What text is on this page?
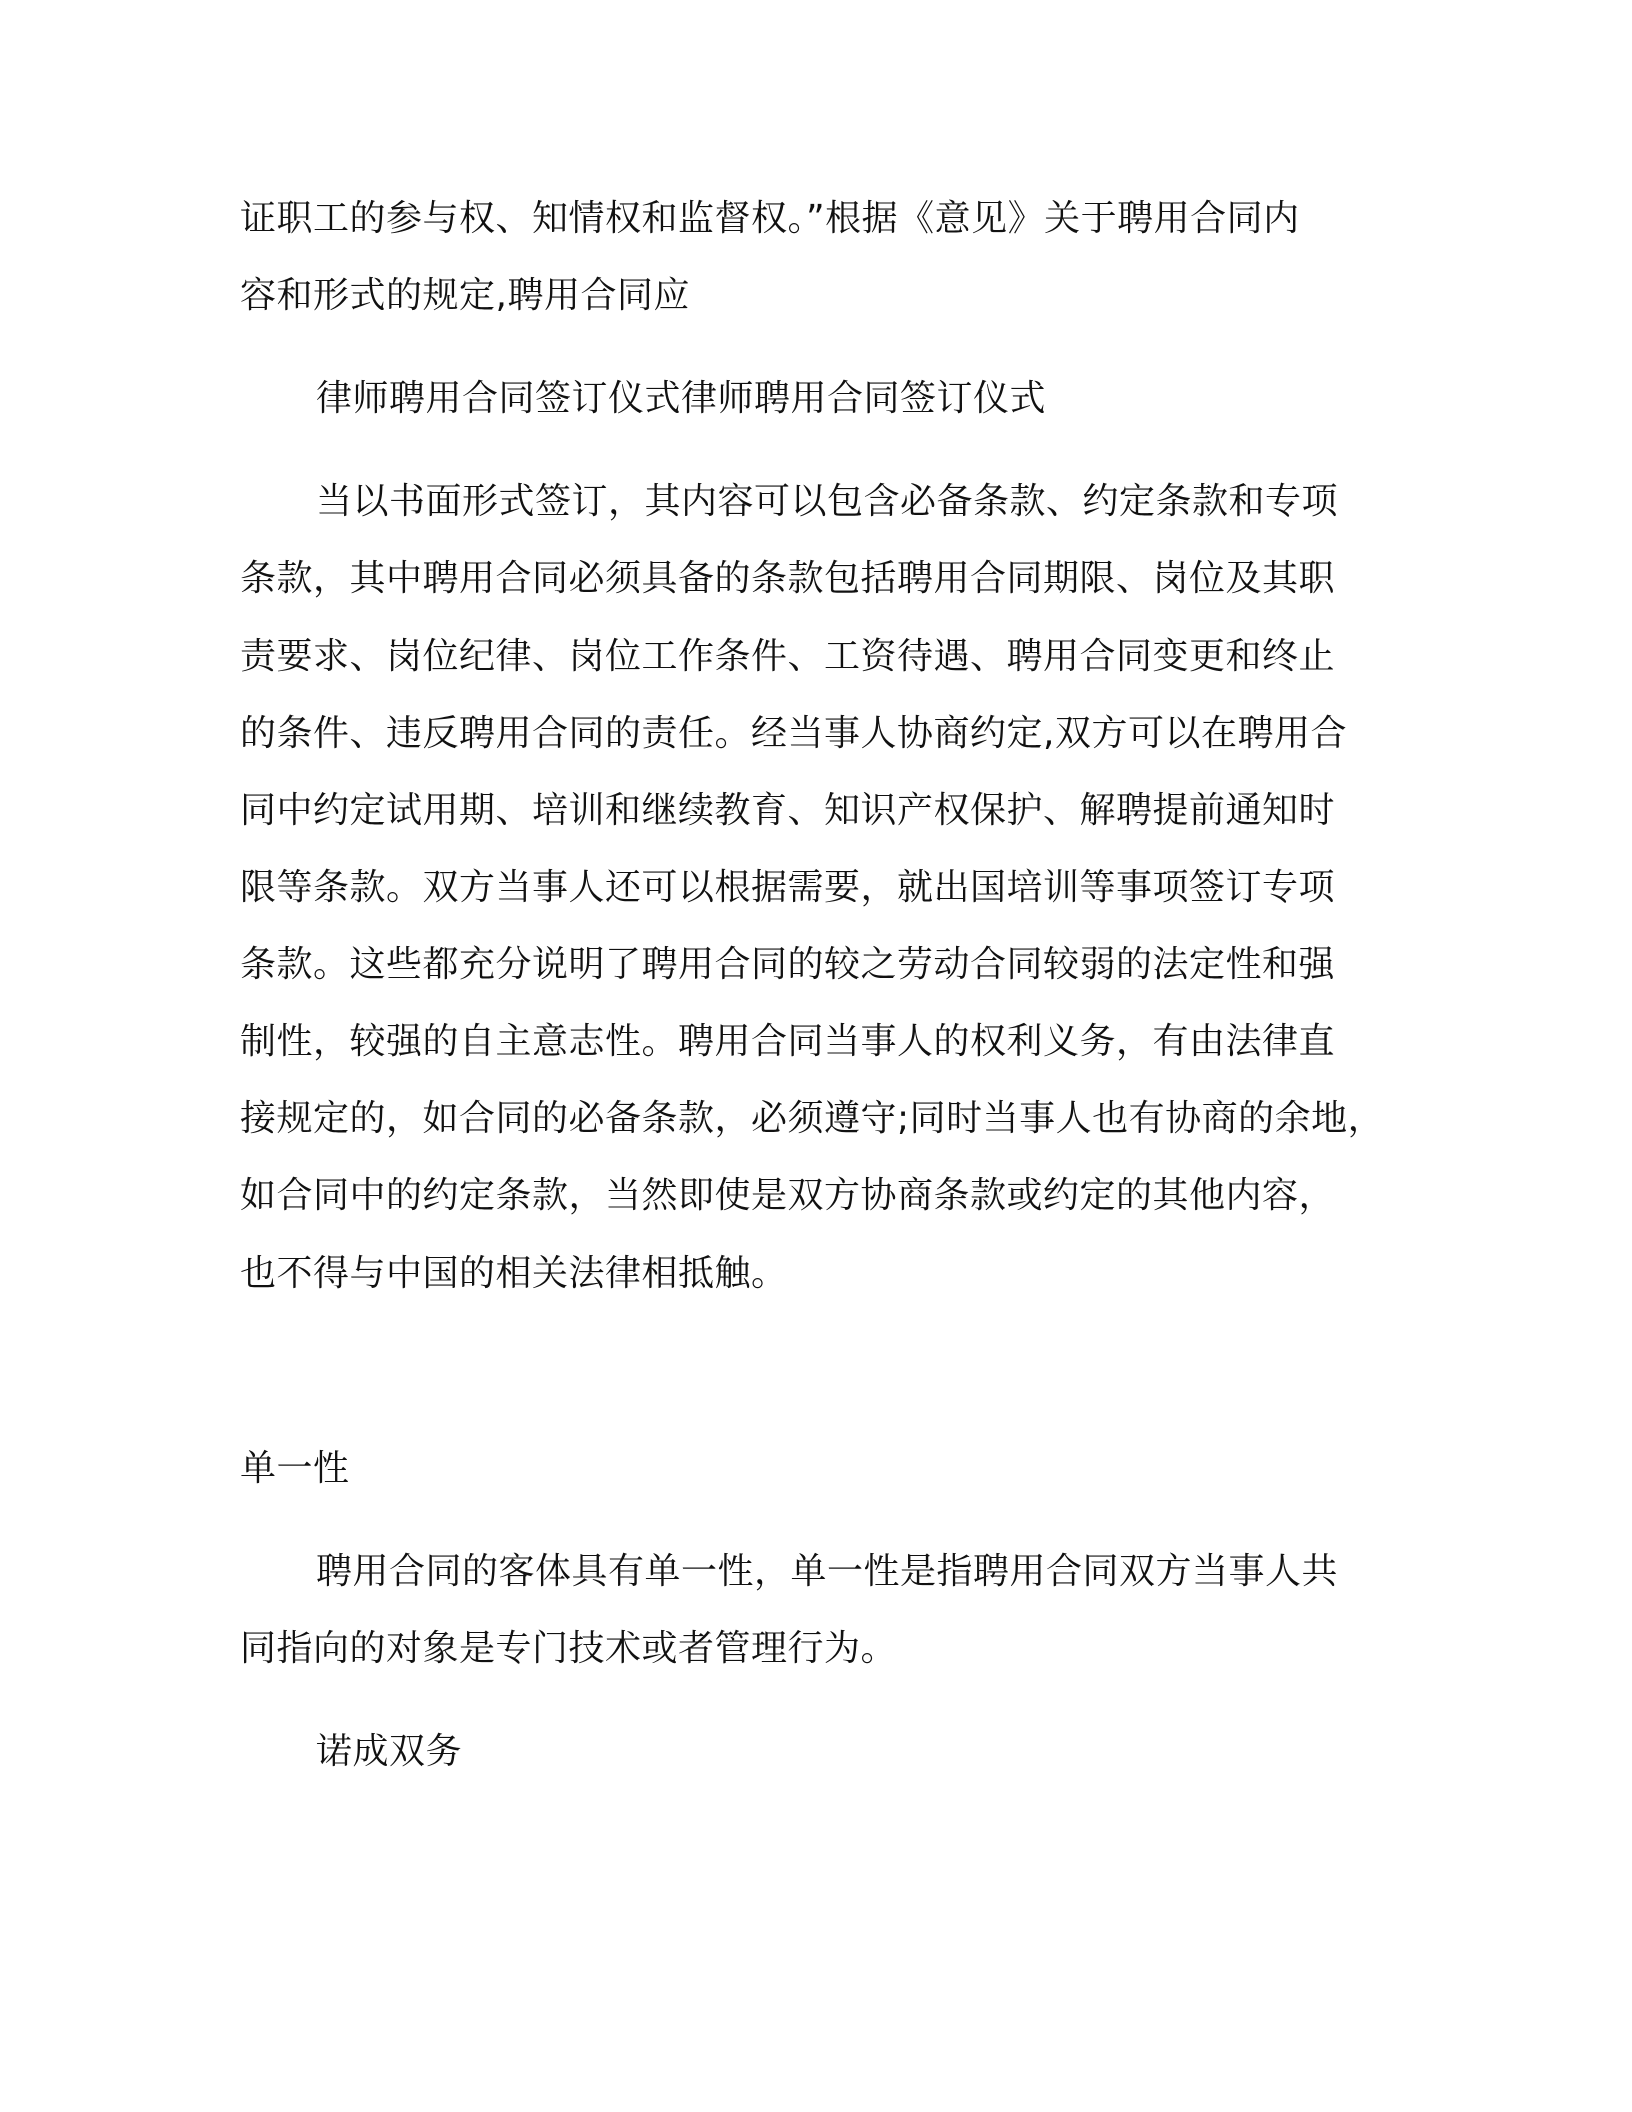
证职工的参与权、知情权和监督权。”根据《意见》关于聘用合同内
容和形式的规定,聘用合同应
律师聘用合同签订仪式律师聘用合同签订仪式
当以书面形式签订，其内容可以包含必备条款、约定条款和专项
条款，其中聘用合同必须具备的条款包括聘用合同期限、岗位及其职
责要求、岗位纪律、岗位工作条件、工资待遇、聘用合同变更和终止
的条件、违反聘用合同的责任。经当事人协商约定,双方可以在聘用合
同中约定试用期、培训和继续教育、知识产权保护、解聘提前通知时
限等条款。双方当事人还可以根据需要，就出国培训等事项签订专项
条款。这些都充分说明了聘用合同的较之劳动合同较弱的法定性和强
制性，较强的自主意志性。聘用合同当事人的权利义务，有由法律直
接规定的，如合同的必备条款，必须遵守;同时当事人也有协商的余地，
如合同中的约定条款，当然即使是双方协商条款或约定的其他内容，
也不得与中国的相关法律相抵触。
单一性
聘用合同的客体具有单一性，单一性是指聘用合同双方当事人共
同指向的对象是专门技术或者管理行为。
诺成双务
